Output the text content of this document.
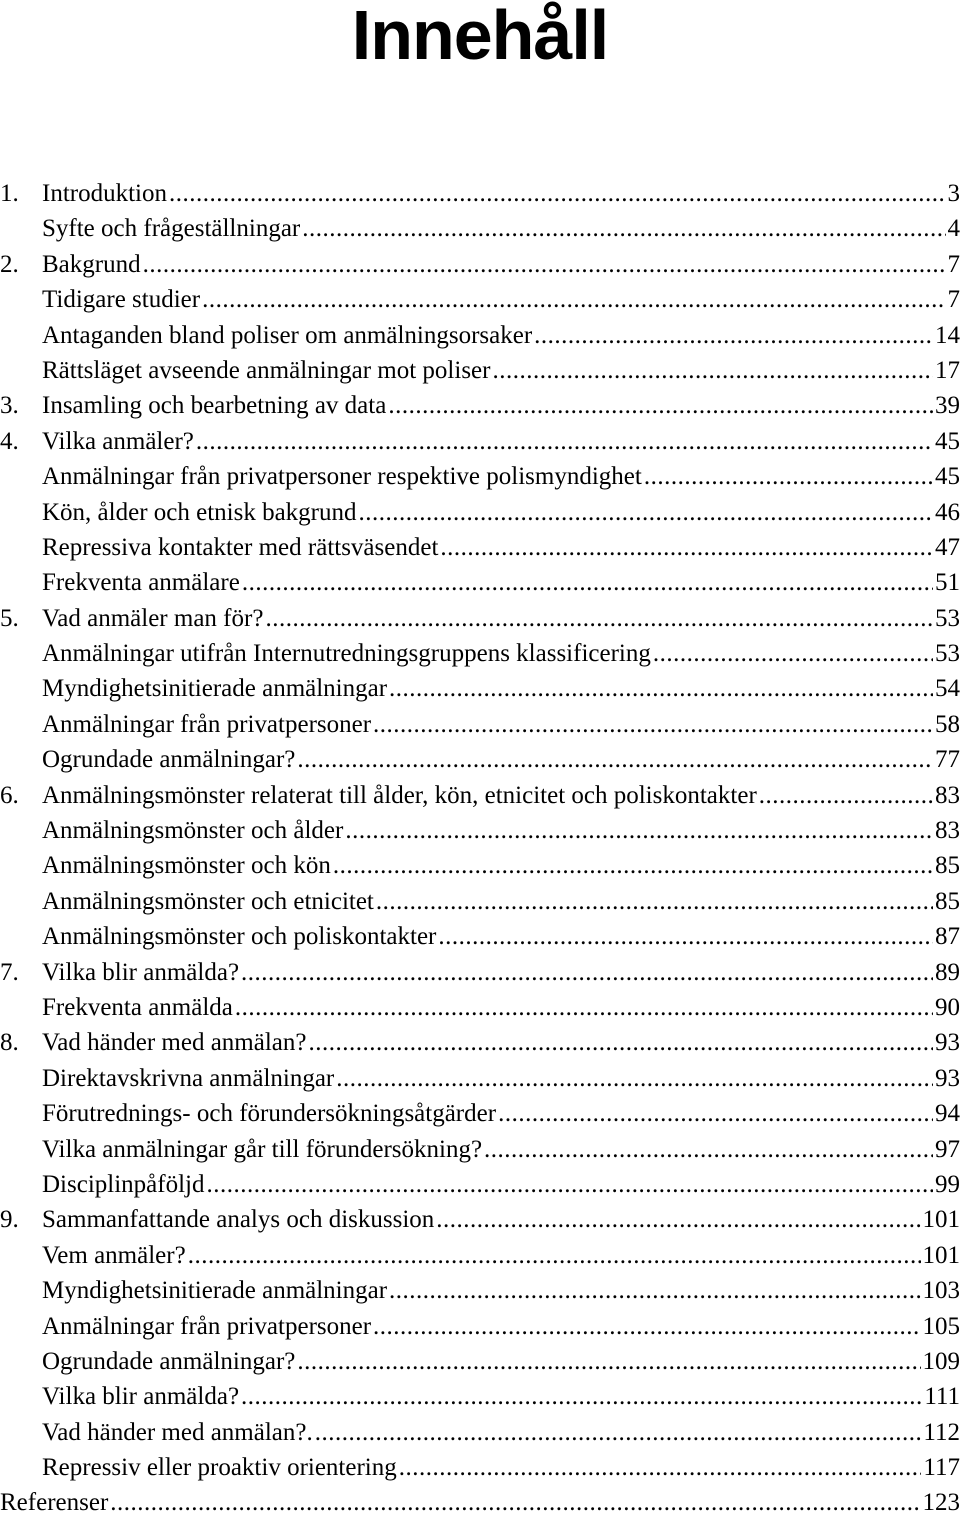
Innehåll
1. Introduktion .....	3
Syfte och frågeställningar .....	4
2. Bakgrund .....	7
Tidigare studier .....	7
Antaganden bland poliser om anmälningsorsaker .....	14
Rättsläget avseende anmälningar mot poliser .....	17
3. Insamling och bearbetning av data .....	39
4. Vilka anmäler? .....	45
Anmälningar från privatpersoner respektive polismyndighet .....	45
Kön, ålder och etnisk bakgrund .....	46
Repressiva kontakter med rättsväsendet .....	47
Frekventa anmälare .....	51
5. Vad anmäler man för? .....	53
Anmälningar utifrån Internutredningsgruppens klassificering .....	53
Myndighetsinitierade anmälningar .....	54
Anmälningar från privatpersoner .....	58
Ogrundade anmälningar? .....	77
6. Anmälningsmönster relaterat till ålder, kön, etnicitet och poliskontakter .....	83
Anmälningsmönster och ålder .....	83
Anmälningsmönster och kön .....	85
Anmälningsmönster och etnicitet .....	85
Anmälningsmönster och poliskontakter .....	87
7. Vilka blir anmälda? .....	89
Frekventa anmälda .....	90
8. Vad händer med anmälan? .....	93
Direktavskrivna anmälningar .....	93
Förutrednings- och förundersökningsåtgärder .....	94
Vilka anmälningar går till förundersökning? .....	97
Disciplinpåföljd .....	99
9. Sammanfattande analys och diskussion .....	101
Vem anmäler? .....	101
Myndighetsinitierade anmälningar .....	103
Anmälningar från privatpersoner .....	105
Ogrundade anmälningar? .....	109
Vilka blir anmälda? .....	111
Vad händer med anmälan?. .....	112
Repressiv eller proaktiv orientering .....	117
Referenser .....	123
